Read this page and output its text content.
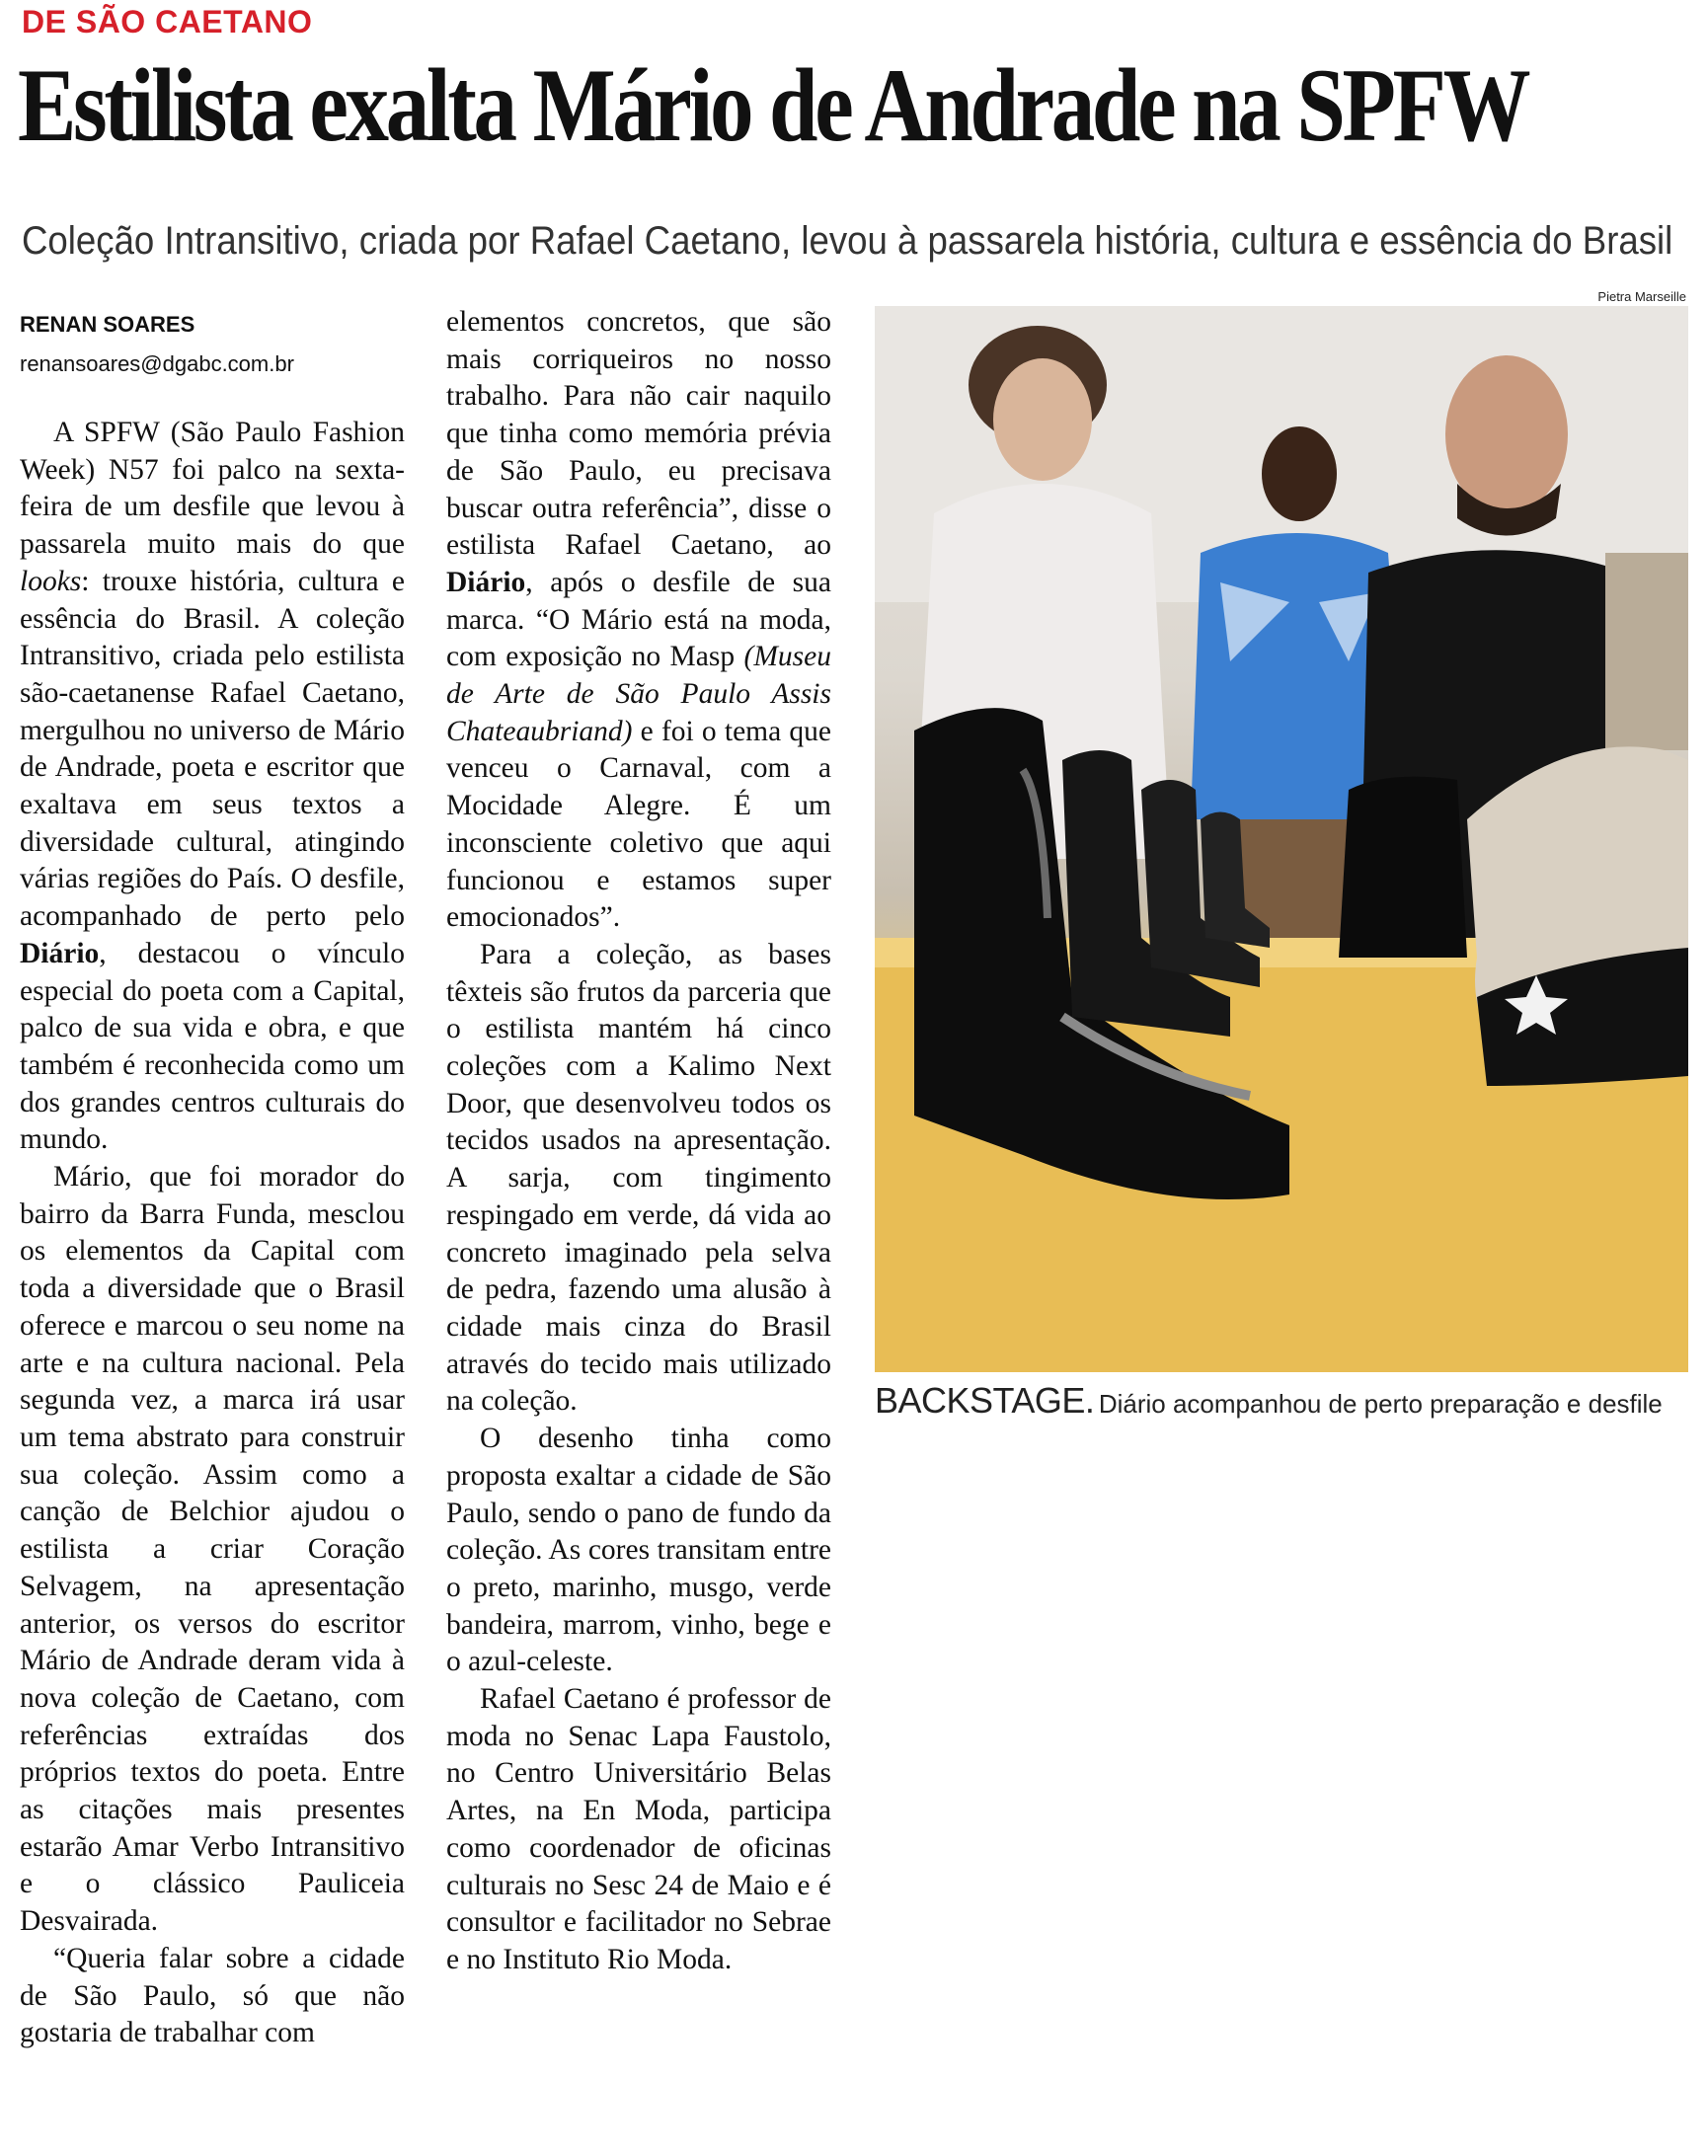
DE SÃO CAETANO
Estilista exalta Mário de Andrade na SPFW
Coleção Intransitivo, criada por Rafael Caetano, levou à passarela história, cultura e essência do Brasil
RENAN SOARES
renansoares@dgabc.com.br

A SPFW (São Paulo Fashion Week) N57 foi palco na sexta-feira de um desfile que levou à passarela muito mais do que looks: trouxe história, cultura e essência do Brasil. A coleção Intransitivo, criada pelo estilista são-caetanense Rafael Caetano, mergulhou no universo de Mário de Andrade, poeta e escritor que exaltava em seus textos a diversidade cultural, atingindo várias regiões do País. O desfile, acompanhado de perto pelo Diário, destacou o vínculo especial do poeta com a Capital, palco de sua vida e obra, e que também é reconhecida como um dos grandes centros culturais do mundo.

Mário, que foi morador do bairro da Barra Funda, mesclou os elementos da Capital com toda a diversidade que o Brasil oferece e marcou o seu nome na arte e na cultura nacional. Pela segunda vez, a marca irá usar um tema abstrato para construir sua coleção. Assim como a canção de Belchior ajudou o estilista a criar Coração Selvagem, na apresentação anterior, os versos do escritor Mário de Andrade deram vida à nova coleção de Caetano, com referências extraídas dos próprios textos do poeta. Entre as citações mais presentes estarão Amar Verbo Intransitivo e o clássico Pauliceia Desvairada.

“Queria falar sobre a cidade de São Paulo, só que não gostaria de trabalhar com

elementos concretos, que são mais corriqueiros no nosso trabalho. Para não cair naquilo que tinha como memória prévia de São Paulo, eu precisava buscar outra referência”, disse o estilista Rafael Caetano, ao Diário, após o desfile de sua marca. “O Mário está na moda, com exposição no Masp (Museu de Arte de São Paulo Assis Chateaubriand) e foi o tema que venceu o Carnaval, com a Mocidade Alegre. É um inconsciente coletivo que aqui funcionou e estamos super emocionados”.

Para a coleção, as bases têxteis são frutos da parceria que o estilista mantém há cinco coleções com a Kalimo Next Door, que desenvolveu todos os tecidos usados na apresentação. A sarja, com tingimento respingado em verde, dá vida ao concreto imaginado pela selva de pedra, fazendo uma alusão à cidade mais cinza do Brasil através do tecido mais utilizado na coleção.

O desenho tinha como proposta exaltar a cidade de São Paulo, sendo o pano de fundo da coleção. As cores transitam entre o preto, marinho, musgo, verde bandeira, marrom, vinho, bege e o azul-celeste.

Rafael Caetano é professor de moda no Senac Lapa Faustolo, no Centro Universitário Belas Artes, na En Moda, participa como coordenador de oficinas culturais no Sesc 24 de Maio e é consultor e facilitador no Sebrae e no Instituto Rio Moda.

Pietra Marseille
BACKSTAGE. Diário acompanhou de perto preparação e desfile
